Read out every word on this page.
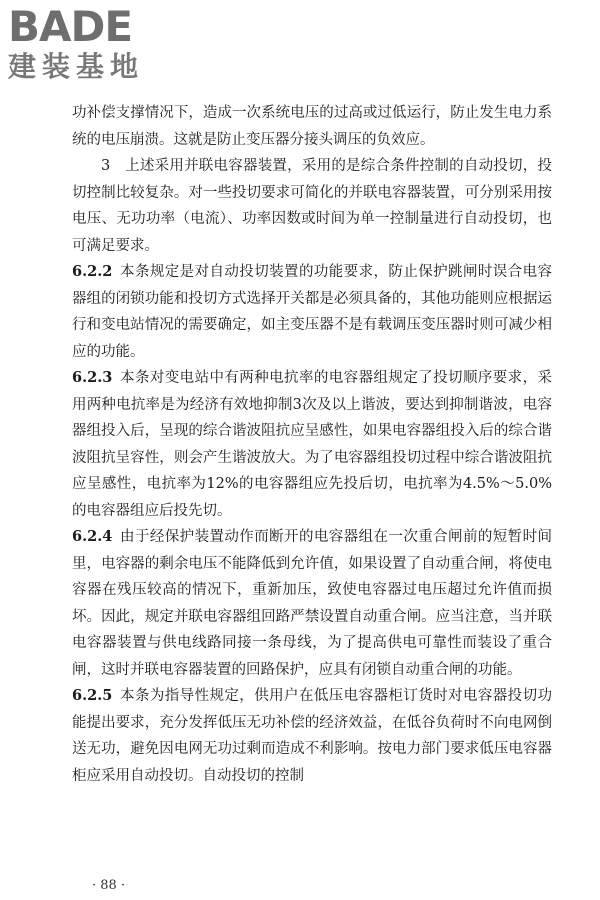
BADE
建装基地

功补偿支撑情况下，造成一次系统电压的过高或过低运行，防止发生电力系统的电压崩溃。这就是防止变压器分接头调压的负效应。

3　上述采用并联电容器装置，采用的是综合条件控制的自动投切，投切控制比较复杂。对一些投切要求可简化的并联电容器装置，可分别采用按电压、无功功率（电流）、功率因数或时间为单一控制量进行自动投切，也可满足要求。

6.2.2 本条规定是对自动投切装置的功能要求，防止保护跳闸时误合电容器组的闭锁功能和投切方式选择开关都是必须具备的，其他功能则应根据运行和变电站情况的需要确定，如主变压器不是有载调压变压器时则可减少相应的功能。

6.2.3 本条对变电站中有两种电抗率的电容器组规定了投切顺序要求，采用两种电抗率是为经济有效地抑制3次及以上谐波，要达到抑制谐波，电容器组投入后，呈现的综合谐波阻抗应呈感性，如果电容器组投入后的综合谐波阻抗呈容性，则会产生谐波放大。为了电容器组投切过程中综合谐波阻抗应呈感性，电抗率为12%的电容器组应先投后切，电抗率为4.5%～5.0%的电容器组应后投先切。

6.2.4 由于经保护装置动作而断开的电容器组在一次重合闸前的短暂时间里，电容器的剩余电压不能降低到允许值，如果设置了自动重合闸，将使电容器在残压较高的情况下，重新加压，致使电容器过电压超过允许值而损坏。因此，规定并联电容器组回路严禁设置自动重合闸。应当注意，当并联电容器装置与供电线路同接一条母线，为了提高供电可靠性而装设了重合闸，这时并联电容器装置的回路保护，应具有闭锁自动重合闸的功能。

6.2.5 本条为指导性规定，供用户在低压电容器柜订货时对电容器投切功能提出要求，充分发挥低压无功补偿的经济效益，在低谷负荷时不向电网倒送无功，避免因电网无功过剩而造成不利影响。按电力部门要求低压电容器柜应采用自动投切。自动投切的控制

· 88 ·
